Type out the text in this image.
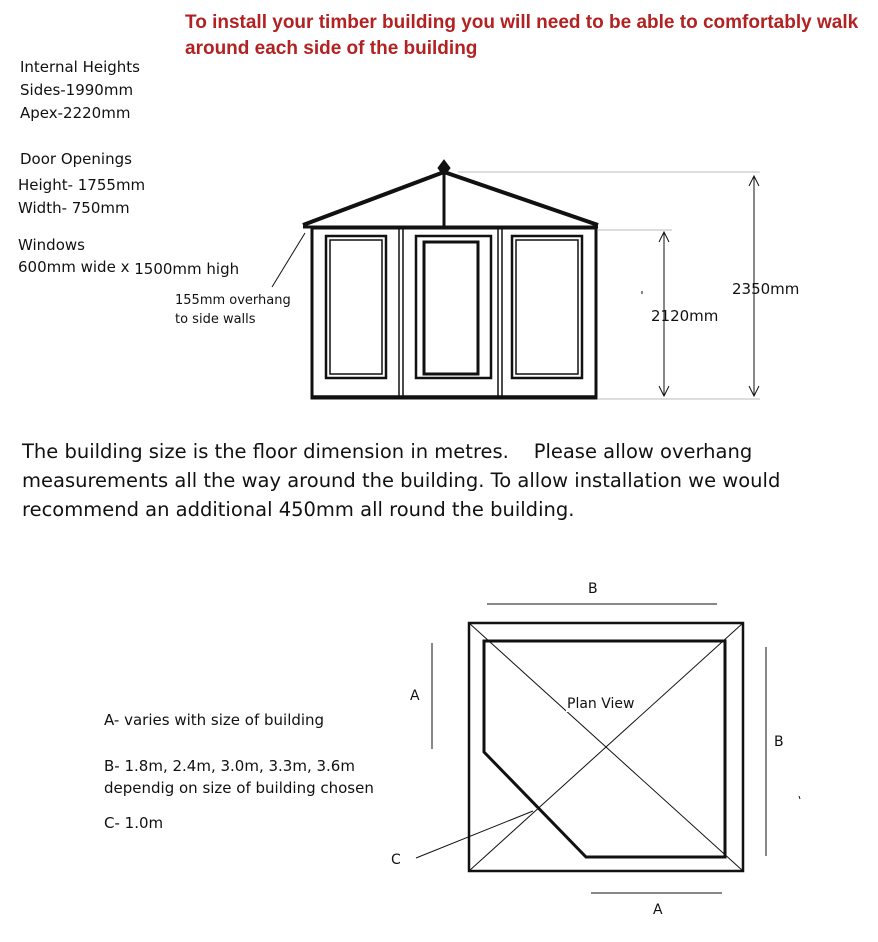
To install your timber building you will need to be able to comfortably walk
around each side of the building
Internal Heights
Sides-1990mm
Apex-2220mm
Door Openings
Height- 1755mm
Width- 750mm
Windows
600mm wide x 1500mm high
155mm overhang
to side walls	2120mm
2350mm
The building size is the floor dimension in metres. Please allow overhang
measurements all the way around the building. To allow installation we would
recommend an additional 450mm all round the building.
B
A
B
A
C
Plan View
A- varies with size of building
B- 1.8m, 2.4m, 3.0m, 3.3m, 3.6m
dependig on size of building chosen
C- 1.0m
